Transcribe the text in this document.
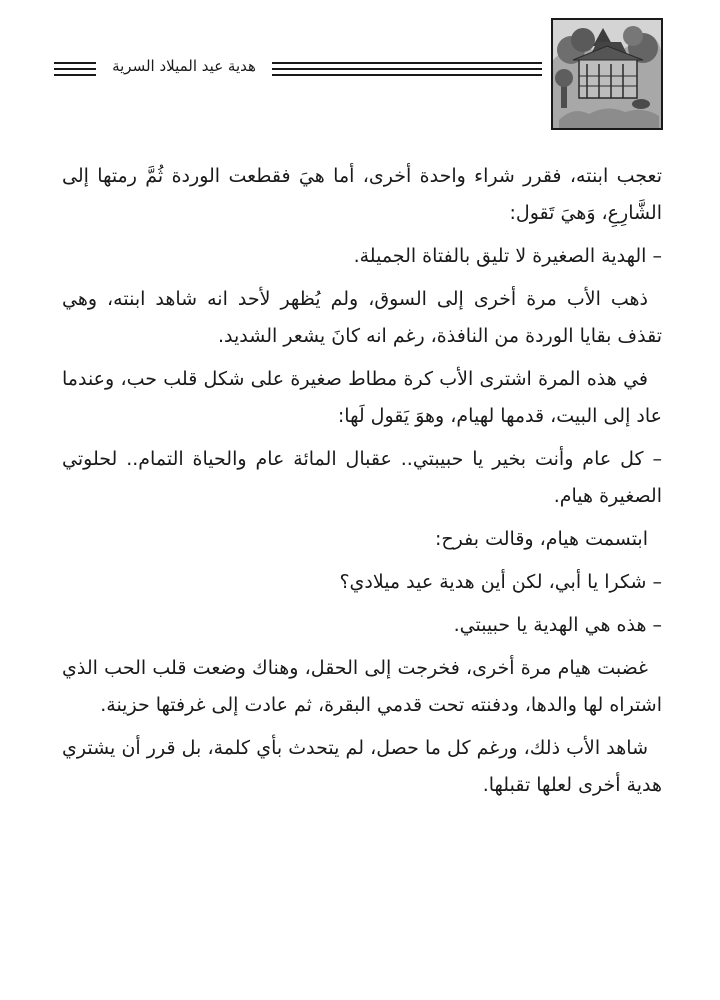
هدية عيد الميلاد السرية

تعجب ابنته، فقرر شراء واحدة أخرى، أما هيَ فقطعت الوردة ثُمَّ رمتها إلى الشَّارِعِ، وَهيَ تَقول:

– الهدية الصغيرة لا تليق بالفتاة الجميلة.

ذهب الأب مرة أخرى إلى السوق، ولم يُظهر لأحد انه شاهد ابنته، وهي تقذف بقايا الوردة من النافذة، رغم انه كانَ يشعر الشديد.

في هذه المرة اشترى الأب كرة مطاط صغيرة على شكل قلب حب، وعندما عاد إلى البيت، قدمها لهيام، وهوَ يَقول لَها:

– كل عام وأنت بخير يا حبيبتي.. عقبال المائة عام والحياة التمام.. لحلوتي الصغيرة هيام.

ابتسمت هيام، وقالت بفرح:

– شكرا يا أبي، لكن أين هدية عيد ميلادي؟

– هذه هي الهدية يا حبيبتي.

غضبت هيام مرة أخرى، فخرجت إلى الحقل، وهناك وضعت قلب الحب الذي اشتراه لها والدها، ودفنته تحت قدمي البقرة، ثم عادت إلى غرفتها حزينة.

شاهد الأب ذلك، ورغم كل ما حصل، لم يتحدث بأي كلمة، بل قرر أن يشتري هدية أخرى لعلها تقبلها.
